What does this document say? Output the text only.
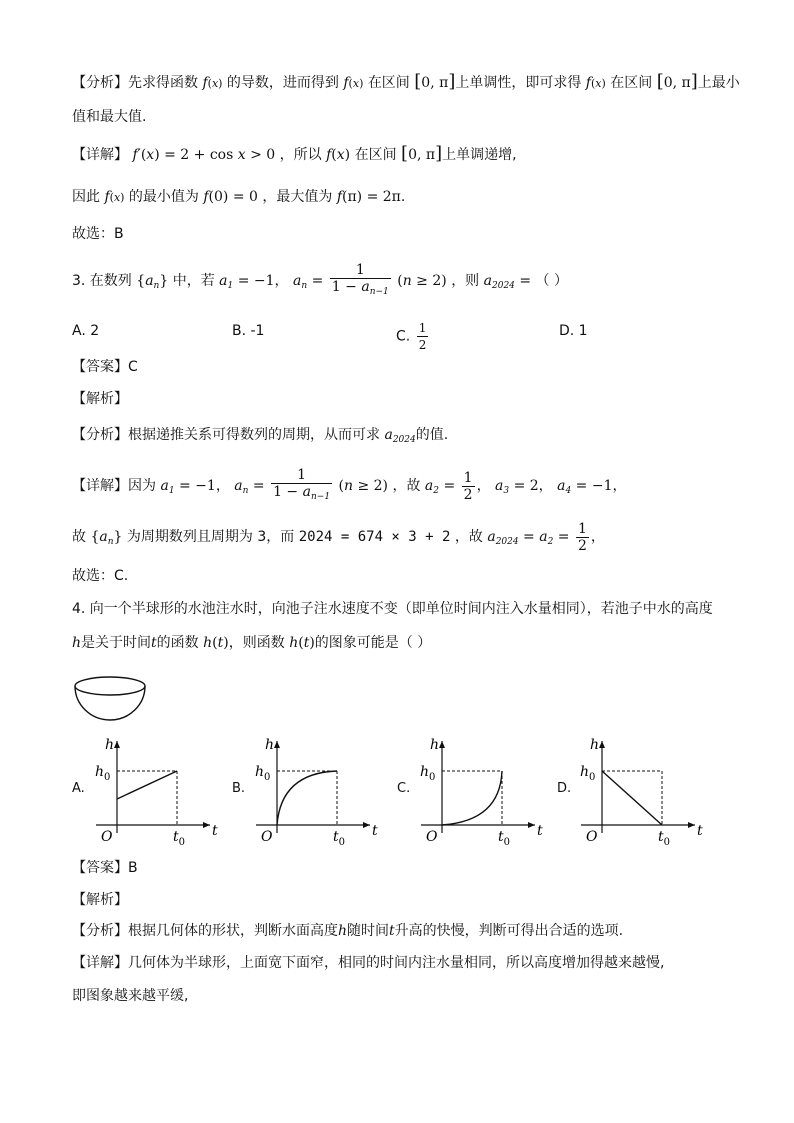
【分析】先求得函数 f(x) 的导数，进而得到 f(x) 在区间 [0, π]上单调性，即可求得 f(x) 在区间 [0, π]上最小
值和最大值.
【详解】 f′(x) = 2 + cos x > 0 ，所以 f(x) 在区间 [0, π]上单调递增,
因此 f(x) 的最小值为 f(0) = 0 ，最大值为 f(π) = 2π.
故选：B
3. 在数列 $\{a_n\}$ 中，若 $a_1 = -1$， $a_n = \frac{1}{1 - a_{n-1}} (n \ge 2)$ ，则 $a_{2024}$ = （ ）
A. 2	B. -1	C. $\frac{1}{2}$	D. 1
【答案】C
【解析】
【分析】根据递推关系可得数列的周期，从而可求 $a_{2024}$的值.
【详解】因为 $a_1 = -1$， $a_n = \frac{1}{1 - a_{n-1}} (n \ge 2)$ ，故 $a_2 = \frac{1}{2}$ ， $a_3 = 2$， $a_4 = -1$，
故 $\{a_n\}$ 为周期数列且周期为 3，而 2024 = 674 × 3 + 2 ，故 $a_{2024} = a_2 = \frac{1}{2}$ ，
故选：C.
4. 向一个半球形的水池注水时，向池子注水速度不变（即单位时间内注入水量相同），若池子中水的高度
h是关于时间t的函数 h(t)，则函数 h(t)的图象可能是（ ）
A.
h
$h_0$
O	$t_0$
t
B.
h
$h_0$
O	$t_0$
t
C.
h
$h_0$
O	$t_0$
t
D.
h
$h_0$
O	$t_0$
t
【答案】B
【解析】
【分析】根据几何体的形状，判断水面高度h随时间t升高的快慢，判断可得出合适的选项.
【详解】几何体为半球形，上面宽下面窄，相同的时间内注水量相同，所以高度增加得越来越慢,
即图象越来越平缓,
